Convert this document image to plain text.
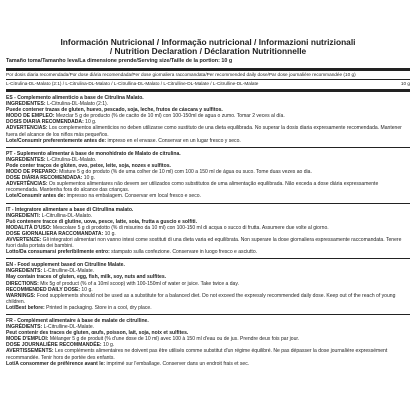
Información Nutricional / Informação nutricional / Informazioni nutrizionali
/ Nutrition Declaration / Déclaration Nutritionnelle
Tamaño toma/Tamanho leva/La dimensione prende/Serving size/Taille de la portion: 10 g
Por dosis diaria recomendada/Por dose diária recomendada/Per dose giornaliera raccomandata/Per recommended daily dose/Par dose journalière recommandée (10 g)
L-Citrulina-DL-Malato (2:1) / L-Citrulina-DL-Malato / L-Citrullina-DL-Malato / L-Citrulline-DL-Malate / L-Citrulline-DL-Malate	10 g

ES - Complemento alimenticio a base de Citrulina Malato.

INGREDIENTES: L-Citrulina-DL-Malato (2:1).

Puede contener trazas de gluten, huevo, pescado, soja, leche, frutos de cáscara y sulfitos.

MODO DE EMPLEO: Mezclar 5 g de producto (% de cacito de 10 ml) con 100-150ml de agua o zumo. Tomar 2 veces al día.

DOSIS DIARIA RECOMENDADA: 10 g.

ADVERTENCIAS: Los complementos alimenticios no deben utilizarse como sustituto de una dieta equilibrada. No superar la dosis diaria expresamente recomendada. Mantener fuera del alcance de los niños más pequeños.

Lote/Consumir preferentemente antes de: impreso en el envase. Conservar en un lugar fresco y seco.

PT - Suplemento alimentar à base de monohidrato de Malato de citrulina.

INGREDIENTES: L-Citrulina-DL-Malato.

Pode conter traços de glúten, ovo, peixe, leite, soja, nozes e sulfitos.

MODO DE PREPARO: Misture 5 g do produto (% de uma colher de 10 ml) com 100 a 150 ml de água ou suco. Tome duas vezes ao dia.

DOSE DIÁRIA RECOMENDADA: 10 g.

ADVERTÊNCIAS: Os suplementos alimentares não devem ser utilizados como substitutos de uma alimentação equilibrada. Não exceda a dose diária expressamente recomendada. Mantenha fora do alcance das crianças.

Lote/Consumir antes de: impresso na embalagem. Conservar em local fresco e seco.

IT - Integratore alimentare a base di Citrullina malato.

INGREDIENTI: L-Citrullina-DL-Malato.

Può contenere tracce di glutine, uova, pesce, latte, soia, frutta a guscio e solfiti.

MODALITÀ D'USO: Mescolare 5 g di prodotto (% di misurino da 10 ml) con 100-150 ml di acqua o succo di frutta. Assumere due volte al giorno.

DOSE GIORNALIERA RACCOMANDATA: 10 g.

AVVERTENZE: Gli integratori alimentari non vanno intesi come sostituti di una dieta varia ed equilibrata. Non superare la dose giornaliera espressamente raccomandata. Tenere fuori dalla portata dei bambini.

Lotto/Da consumarsi preferibilmente entro: stampato sulla confezione. Conservare in luogo fresco e asciutto.

EN - Food supplement based on Citrulline Malate.

INGREDIENTS: L-Citrulline-DL-Malate.

May contain traces of gluten, egg, fish, milk, soy, nuts and sulfites.

DIRECTIONS: Mix 5g of product (% of a 10ml scoop) with 100-150ml of water or juice. Take twice a day.

RECOMMENDED DAILY DOSE: 10 g.

WARNINGS: Food supplements should not be used as a substitute for a balanced diet. Do not exceed the expressly recommended daily dose. Keep out of the reach of young children.

Lot/Best before: Printed in packaging. Store in a cool, dry place.

FR - Complément alimentaire à base de malate de citrulline.

INGRÉDIENTS: L-Citrulline-DL-Malate.

Peut contenir des traces de gluten, œufs, poisson, lait, soja, noix et sulfites.

MODE D'EMPLOI: Mélanger 5 g de produit (% d'une dose de 10 ml) avec 100 à 150 ml d'eau ou de jus. Prendre deux fois par jour.

DOSE JOURNALIÈRE RECOMMANDÉE: 10 g.

AVERTISSEMENTS: Les compléments alimentaires ne doivent pas être utilisés comme substitut d'un régime équilibré. Ne pas dépasser la dose journalière expressément recommandée. Tenir hors de portée des enfants.

Lot/A consommer de préférence avant le: imprimé sur l'emballage. Conserver dans un endroit frais et sec.
